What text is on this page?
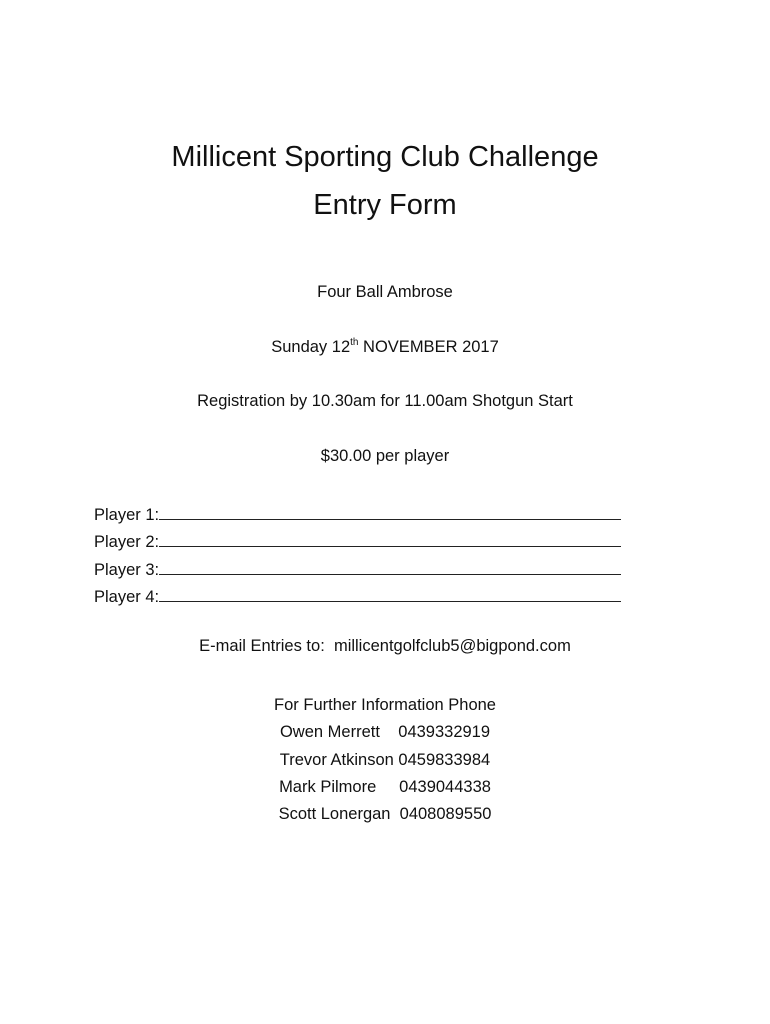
Millicent Sporting Club Challenge
Entry Form
Four Ball Ambrose
Sunday 12th NOVEMBER 2017
Registration by 10.30am for 11.00am Shotgun Start
$30.00 per player
Player 1:
Player 2:
Player 3:
Player 4:
E-mail Entries to:  millicentgolfclub5@bigpond.com
For Further Information Phone
Owen Merrett 0439332919
Trevor Atkinson 0459833984
Mark Pilmore 0439044338
Scott Lonergan 0408089550
